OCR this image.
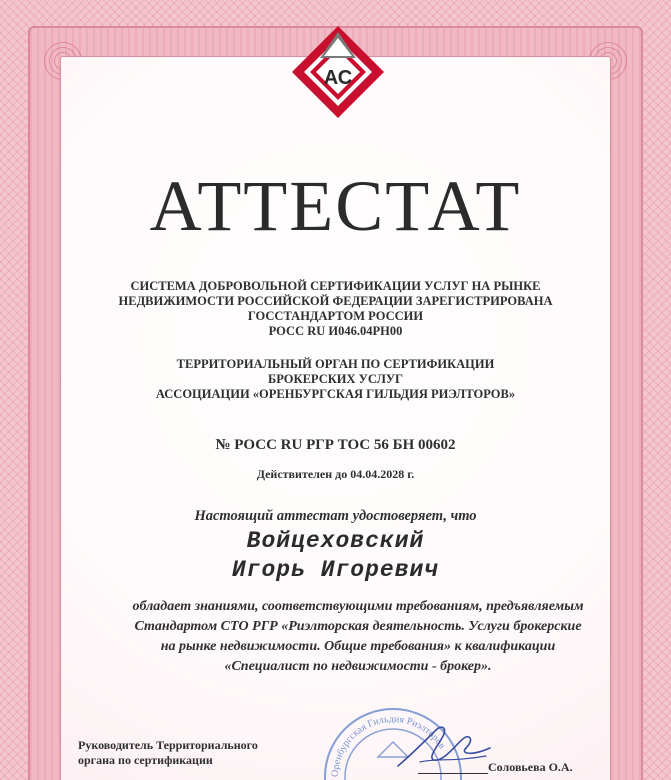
АС
АТТЕСТАТ
СИСТЕМА ДОБРОВОЛЬНОЙ СЕРТИФИКАЦИИ УСЛУГ НА РЫНКЕ
НЕДВИЖИМОСТИ РОССИЙСКОЙ ФЕДЕРАЦИИ ЗАРЕГИСТРИРОВАНА
ГОССТАНДАРТОМ РОССИИ
РОСС RU И046.04РН00
ТЕРРИТОРИАЛЬНЫЙ ОРГАН ПО СЕРТИФИКАЦИИ
БРОКЕРСКИХ УСЛУГ
АССОЦИАЦИИ «ОРЕНБУРГСКАЯ ГИЛЬДИЯ РИЭЛТОРОВ»
№ РОСС RU РГР ТОС 56 БН 00602
Действителен до 04.04.2028 г.
Настоящий аттестат удостоверяет, что
Войцеховский
Игорь Игоревич
обладает знаниями, соответствующими требованиям, предъявляемым
Стандартом СТО РГР «Риэлторская деятельность. Услуги брокерские
на рынке недвижимости. Общие требования» к квалификации
«Специалист по недвижимости - брокер».
Оренбургская Гильдия Риэлторов
Руководитель Территориального
органа по сертификации	Соловьева О.А.
